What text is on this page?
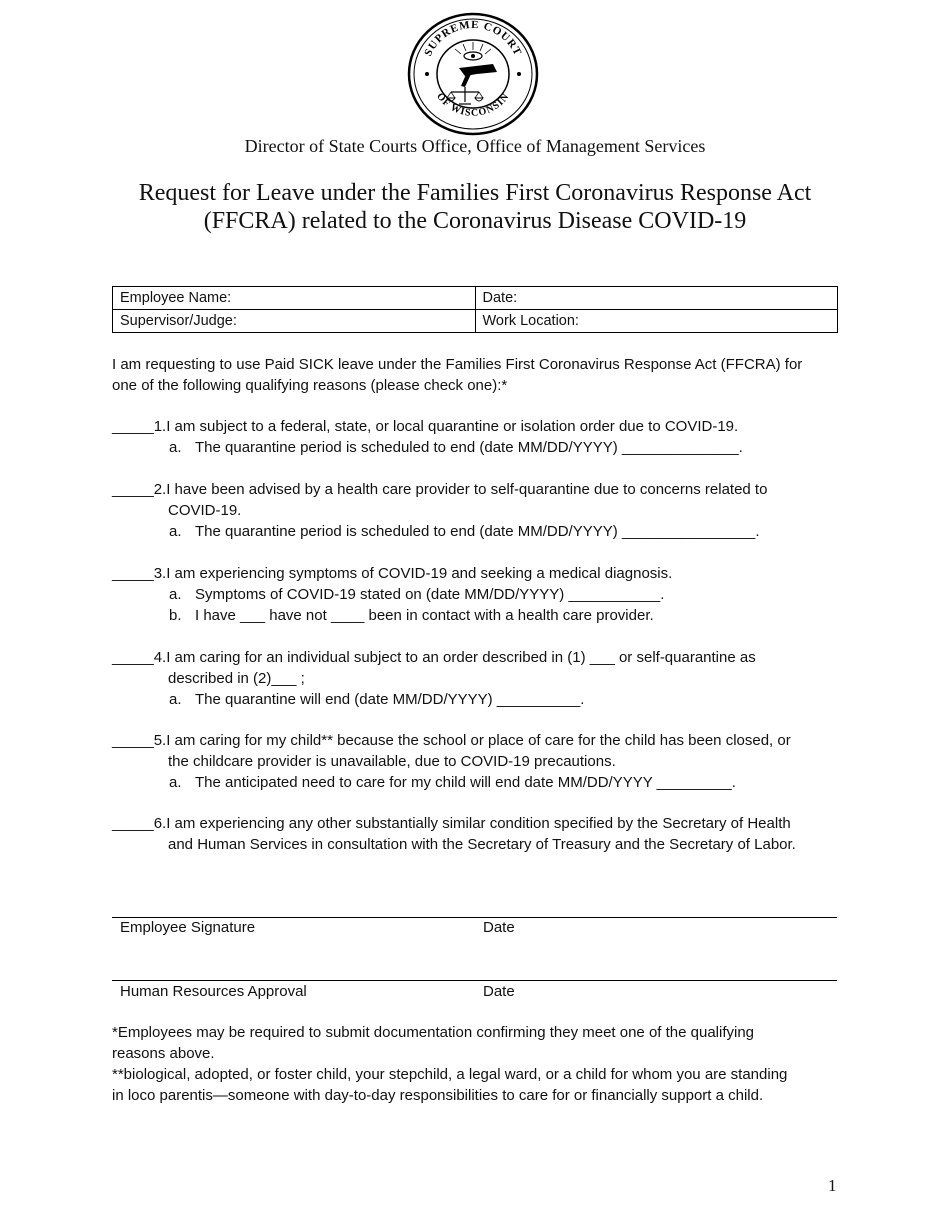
SUPREME COURT
OF WISCONSIN
Director of State Courts Office, Office of Management Services
Request for Leave under the Families First Coronavirus Response Act
(FFCRA) related to the Coronavirus Disease COVID-19
Employee Name:	Date:
Supervisor/Judge:	Work Location:
I am requesting to use Paid SICK leave under the Families First Coronavirus Response Act (FFCRA) for
one of the following qualifying reasons (please check one):*
_____1.I am subject to a federal, state, or local quarantine or isolation order due to COVID-19.
a. The quarantine period is scheduled to end (date MM/DD/YYYY) ______________.
_____2.I have been advised by a health care provider to self-quarantine due to concerns related to
COVID-19.
a. The quarantine period is scheduled to end (date MM/DD/YYYY) ________________.
_____3.I am experiencing symptoms of COVID-19 and seeking a medical diagnosis.
a. Symptoms of COVID-19 stated on (date MM/DD/YYYY) ___________.
b. I have ___ have not ____ been in contact with a health care provider.
_____4.I am caring for an individual subject to an order described in (1) ___ or self-quarantine as
described in (2)___ ;
a. The quarantine will end (date MM/DD/YYYY) __________.
_____5.I am caring for my child** because the school or place of care for the child has been closed, or
the childcare provider is unavailable, due to COVID-19 precautions.
a. The anticipated need to care for my child will end date MM/DD/YYYY _________.
_____6.I am experiencing any other substantially similar condition specified by the Secretary of Health
and Human Services in consultation with the Secretary of Treasury and the Secretary of Labor.
Employee Signature	Date
Human Resources Approval	Date
*Employees may be required to submit documentation confirming they meet one of the qualifying
reasons above.
**biological, adopted, or foster child, your stepchild, a legal ward, or a child for whom you are standing
in loco parentis—someone with day-to-day responsibilities to care for or financially support a child.
1
